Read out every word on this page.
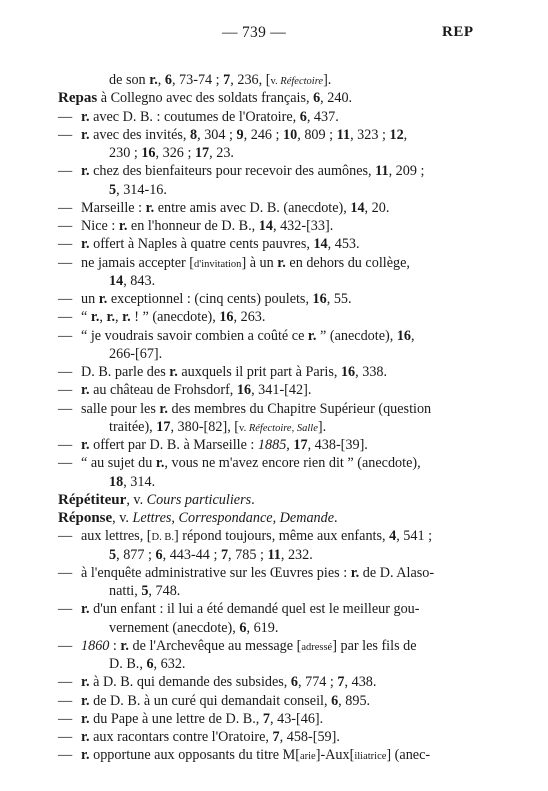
— 739 —	REP
de son r., 6, 73-74 ; 7, 236, [v. Réfectoire].
Repas à Collegno avec des soldats français, 6, 240.
— r. avec D. B. : coutumes de l'Oratoire, 6, 437.
— r. avec des invités, 8, 304 ; 9, 246 ; 10, 809 ; 11, 323 ; 12,
230 ; 16, 326 ; 17, 23.
— r. chez des bienfaiteurs pour recevoir des aumônes, 11, 209 ;
5, 314-16.
— Marseille : r. entre amis avec D. B. (anecdote), 14, 20.
— Nice : r. en l'honneur de D. B., 14, 432-[33].
— r. offert à Naples à quatre cents pauvres, 14, 453.
— ne jamais accepter [d'invitation] à un r. en dehors du collège,
14, 843.
— un r. exceptionnel : (cinq cents) poulets, 16, 55.
— “ r., r., r. ! ” (anecdote), 16, 263.
— “ je voudrais savoir combien a coûté ce r. ” (anecdote), 16,
266-[67].
— D. B. parle des r. auxquels il prit part à Paris, 16, 338.
— r. au château de Frohsdorf, 16, 341-[42].
— salle pour les r. des membres du Chapitre Supérieur (question
traitée), 17, 380-[82], [v. Réfectoire, Salle].
— r. offert par D. B. à Marseille : 1885, 17, 438-[39].
— “ au sujet du r., vous ne m'avez encore rien dit ” (anecdote),
18, 314.
Répétiteur, v. Cours particuliers.
Réponse, v. Lettres, Correspondance, Demande.
— aux lettres, [D. B.] répond toujours, même aux enfants, 4, 541 ;
5, 877 ; 6, 443-44 ; 7, 785 ; 11, 232.
— à l'enquête administrative sur les Œuvres pies : r. de D. Alaso-
natti, 5, 748.
— r. d'un enfant : il lui a été demandé quel est le meilleur gou-
vernement (anecdote), 6, 619.
— 1860 : r. de l'Archevêque au message [adressé] par les fils de
D. B., 6, 632.
— r. à D. B. qui demande des subsides, 6, 774 ; 7, 438.
— r. de D. B. à un curé qui demandait conseil, 6, 895.
— r. du Pape à une lettre de D. B., 7, 43-[46].
— r. aux racontars contre l'Oratoire, 7, 458-[59].
— r. opportune aux opposants du titre M[arie]-Aux[iliatrice] (anec-
